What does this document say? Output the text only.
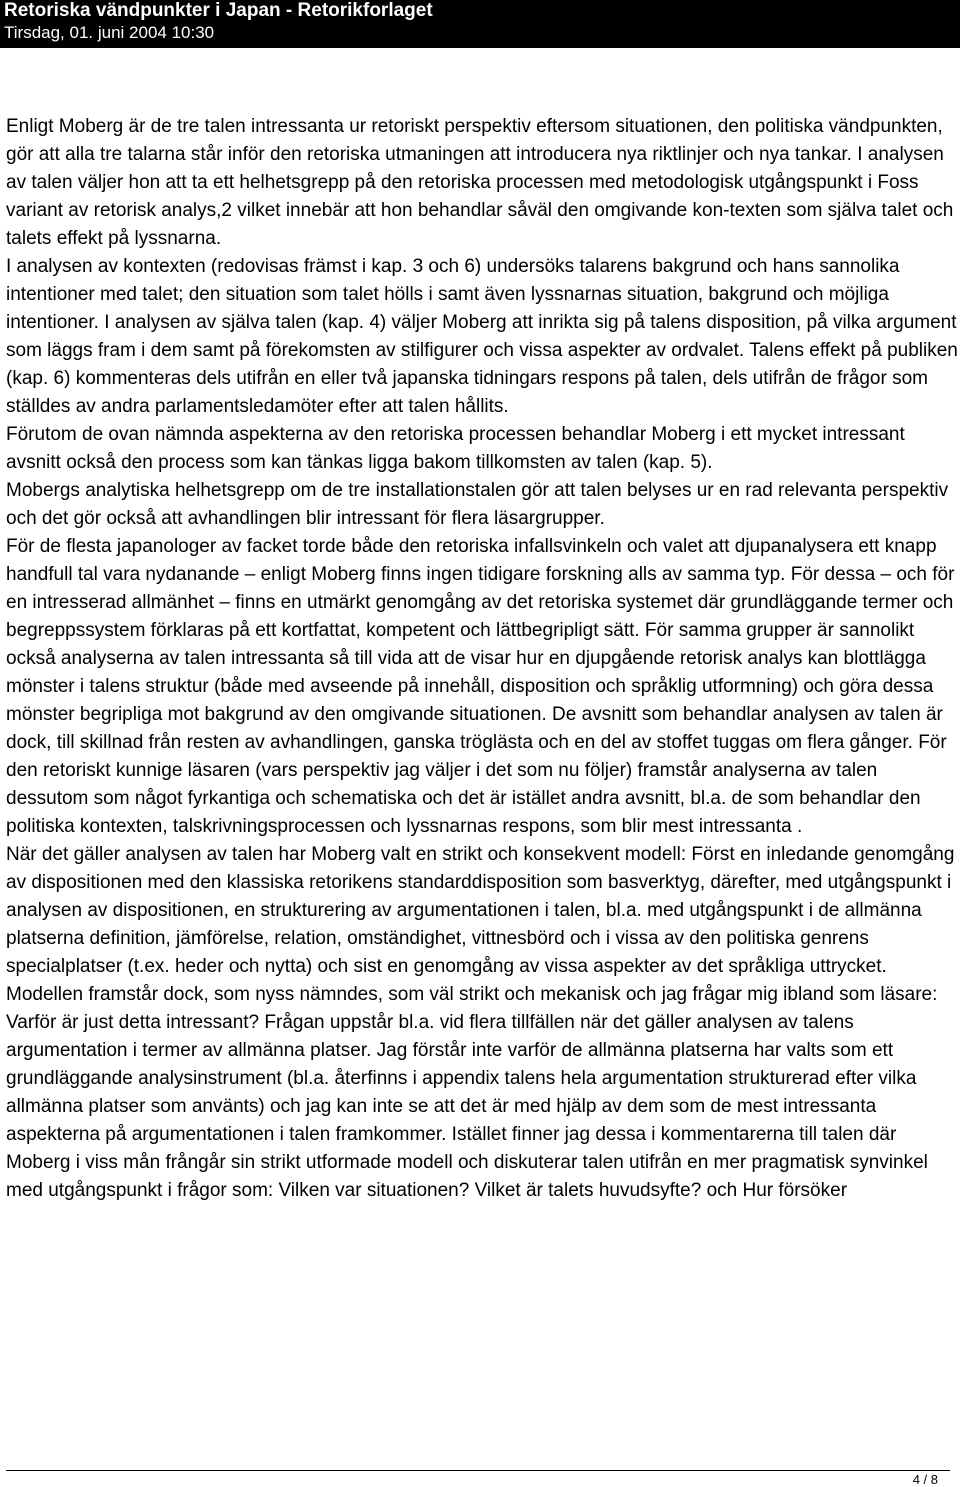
Retoriska vändpunkter i Japan - Retorikforlaget
Tirsdag, 01. juni 2004 10:30

Enligt Moberg är de tre talen intressanta ur retoriskt perspektiv eftersom situationen, den politiska vändpunkten, gör att alla tre talarna står inför den retoriska utmaningen att introducera nya riktlinjer och nya tankar. I analysen av talen väljer hon att ta ett helhetsgrepp på den retoriska processen med metodologisk utgångspunkt i Foss variant av retorisk analys,2 vilket innebär att hon behandlar såväl den omgivande kon-texten som själva talet och talets effekt på lyssnarna.

I analysen av kontexten (redovisas främst i kap. 3 och 6) undersöks talarens bakgrund och hans sannolika intentioner med talet; den situation som talet hölls i samt även lyssnarnas situation, bakgrund och möjliga intentioner. I analysen av själva talen (kap. 4) väljer Moberg att inrikta sig på talens disposition, på vilka argument som läggs fram i dem samt på förekomsten av stilfigurer och vissa aspekter av ordvalet. Talens effekt på publiken (kap. 6) kommenteras dels utifrån en eller två japanska tidningars respons på talen, dels utifrån de frågor som ställdes av andra parlamentsledamöter efter att talen hållits.

Förutom de ovan nämnda aspekterna av den retoriska processen behandlar Moberg i ett mycket intressant avsnitt också den process som kan tänkas ligga bakom tillkomsten av talen (kap. 5).

Mobergs analytiska helhetsgrepp om de tre installationstalen gör att talen belyses ur en rad relevanta perspektiv och det gör också att avhandlingen blir intressant för flera läsargrupper.

För de flesta japanologer av facket torde både den retoriska infallsvinkeln och valet att djupanalysera ett knapp handfull tal vara nydanande – enligt Moberg finns ingen tidigare forskning alls av samma typ. För dessa – och för en intresserad allmänhet – finns en utmärkt genomgång av det retoriska systemet där grundläggande termer och begreppssystem förklaras på ett kortfattat, kompetent och lättbegripligt sätt. För samma grupper är sannolikt också analyserna av talen intressanta så till vida att de visar hur en djupgående retorisk analys kan blottlägga mönster i talens struktur (både med avseende på innehåll, disposition och språklig utformning) och göra dessa mönster begripliga mot bakgrund av den omgivande situationen. De avsnitt som behandlar analysen av talen är dock, till skillnad från resten av avhandlingen, ganska tröglästa och en del av stoffet tuggas om flera gånger. För den retoriskt kunnige läsaren (vars perspektiv jag väljer i det som nu följer) framstår analyserna av talen dessutom som något fyrkantiga och schematiska och det är istället andra avsnitt, bl.a. de som behandlar den politiska kontexten, talskrivningsprocessen och lyssnarnas respons, som blir mest intressanta .

När det gäller analysen av talen har Moberg valt en strikt och konsekvent modell: Först en inledande genomgång av dispositionen med den klassiska retorikens standarddisposition som basverktyg, därefter, med utgångspunkt i analysen av dispositionen, en strukturering av argumentationen i talen, bl.a. med utgångspunkt i de allmänna platserna definition, jämförelse, relation, omständighet, vittnesbörd och i vissa av den politiska genrens specialplatser (t.ex. heder och nytta) och sist en genomgång av vissa aspekter av det språkliga uttrycket.

Modellen framstår dock, som nyss nämndes, som väl strikt och mekanisk och jag frågar mig ibland som läsare: Varför är just detta intressant? Frågan uppstår bl.a. vid flera tillfällen när det gäller analysen av talens argumentation i termer av allmänna platser. Jag förstår inte varför de allmänna platserna har valts som ett grundläggande analysinstrument (bl.a. återfinns i appendix talens hela argumentation strukturerad efter vilka allmänna platser som använts) och jag kan inte se att det är med hjälp av dem som de mest intressanta aspekterna på argumentationen i talen framkommer. Istället finner jag dessa i kommentarerna till talen där Moberg i viss mån frångår sin strikt utformade modell och diskuterar talen utifrån en mer pragmatisk synvinkel med utgångspunkt i frågor som: Vilken var situationen? Vilket är talets huvudsyfte? och Hur försöker

4 / 8
